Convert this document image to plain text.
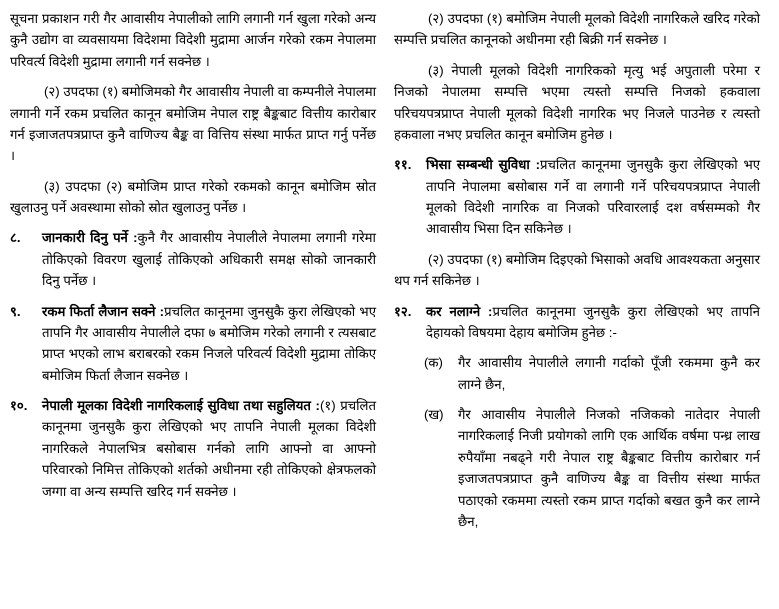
सूचना प्रकाशन गरी गैर आवासीय नेपालीको लागि लगानी गर्न खुला गरेको अन्य कुनै उद्योग वा व्यवसायमा विदेशमा विदेशी मुद्रामा आर्जन गरेको रकम नेपालमा परिवर्त्य विदेशी मुद्रामा लगानी गर्न सक्नेछ ।
(२) उपदफा (१) बमोजिमको गैर आवासीय नेपाली वा कम्पनीले नेपालमा लगानी गर्ने रकम प्रचलित कानून बमोजिम नेपाल राष्ट्र बैङ्कबाट वित्तीय कारोबार गर्न इजाजतपत्रप्राप्त कुनै वाणिज्य बैङ्क वा वित्तिय संस्था मार्फत प्राप्त गर्नु पर्नेछ ।
(३) उपदफा (२) बमोजिम प्राप्त गरेको रकमको कानून बमोजिम स्रोत खुलाउनु पर्ने अवस्थामा सोको स्रोत खुलाउनु पर्नेछ ।
८.	जानकारी दिनु पर्ने :कुनै गैर आवासीय नेपालीले नेपालमा लगानी गरेमा तोकिएको विवरण खुलाई तोकिएको अधिकारी समक्ष सोको जानकारी दिनु पर्नेछ ।
९.	रकम फिर्ता लैजान सक्ने :प्रचलित कानूनमा जुनसुकै कुरा लेखिएको भए तापनि गैर आवासीय नेपालीले दफा ७ बमोजिम गरेको लगानी र त्यसबाट प्राप्त भएको लाभ बराबरको रकम निजले परिवर्त्य विदेशी मुद्रामा तोकिए बमोजिम फिर्ता लैजान सक्नेछ ।
१०.	नेपाली मूलका विदेशी नागरिकलाई सुविधा तथा सहुलियत :(१) प्रचलित कानूनमा जुनसुकै कुरा लेखिएको भए तापनि नेपाली मूलका विदेशी नागरिकले नेपालभित्र बसोबास गर्नको लागि आफ्नो वा आफ्नो परिवारको निमित्त तोकिएको शर्तको अधीनमा रही तोकिएको क्षेत्रफलको जग्गा वा अन्य सम्पत्ति खरिद गर्न सक्नेछ ।
(२) उपदफा (१) बमोजिम नेपाली मूलको विदेशी नागरिकले खरिद गरेको सम्पत्ति प्रचलित कानूनको अधीनमा रही बिक्री गर्न सक्नेछ ।
(३) नेपाली मूलको विदेशी नागरिकको मृत्यु भई अपुताली परेमा र निजको नेपालमा सम्पत्ति भएमा त्यस्तो सम्पत्ति निजको हकवाला परिचयपत्रप्राप्त नेपाली मूलको विदेशी नागरिक भए निजले पाउनेछ र त्यस्तो हकवाला नभए प्रचलित कानून बमोजिम हुनेछ ।
११.	भिसा सम्बन्धी सुविधा :प्रचलित कानूनमा जुनसुकै कुरा लेखिएको भए तापनि नेपालमा बसोबास गर्ने वा लगानी गर्ने परिचयपत्रप्राप्त नेपाली मूलको विदेशी नागरिक वा निजको परिवारलाई दश वर्षसम्मको गैर आवासीय भिसा दिन सकिनेछ ।
(२) उपदफा (१) बमोजिम दिइएको भिसाको अवधि आवश्यकता अनुसार थप गर्न सकिनेछ ।
१२.	कर नलाग्ने :प्रचलित कानूनमा जुनसुकै कुरा लेखिएको भए तापनि देहायको विषयमा देहाय बमोजिम हुनेछ :-
(क)	गैर आवासीय नेपालीले लगानी गर्दाको पूँजी रकममा कुनै कर लाग्ने छैन,
(ख)	गैर आवासीय नेपालीले निजको नजिकको नातेदार नेपाली नागरिकलाई निजी प्रयोगको लागि एक आर्थिक वर्षमा पन्ध्र लाख रुपैयाँमा नबढ्ने गरी नेपाल राष्ट्र बैङ्कबाट वित्तीय कारोबार गर्न इजाजतपत्रप्राप्त कुनै वाणिज्य बैङ्क वा वित्तीय संस्था मार्फत पठाएको रकममा त्यस्तो रकम प्राप्त गर्दाको बखत कुनै कर लाग्ने छैन,
